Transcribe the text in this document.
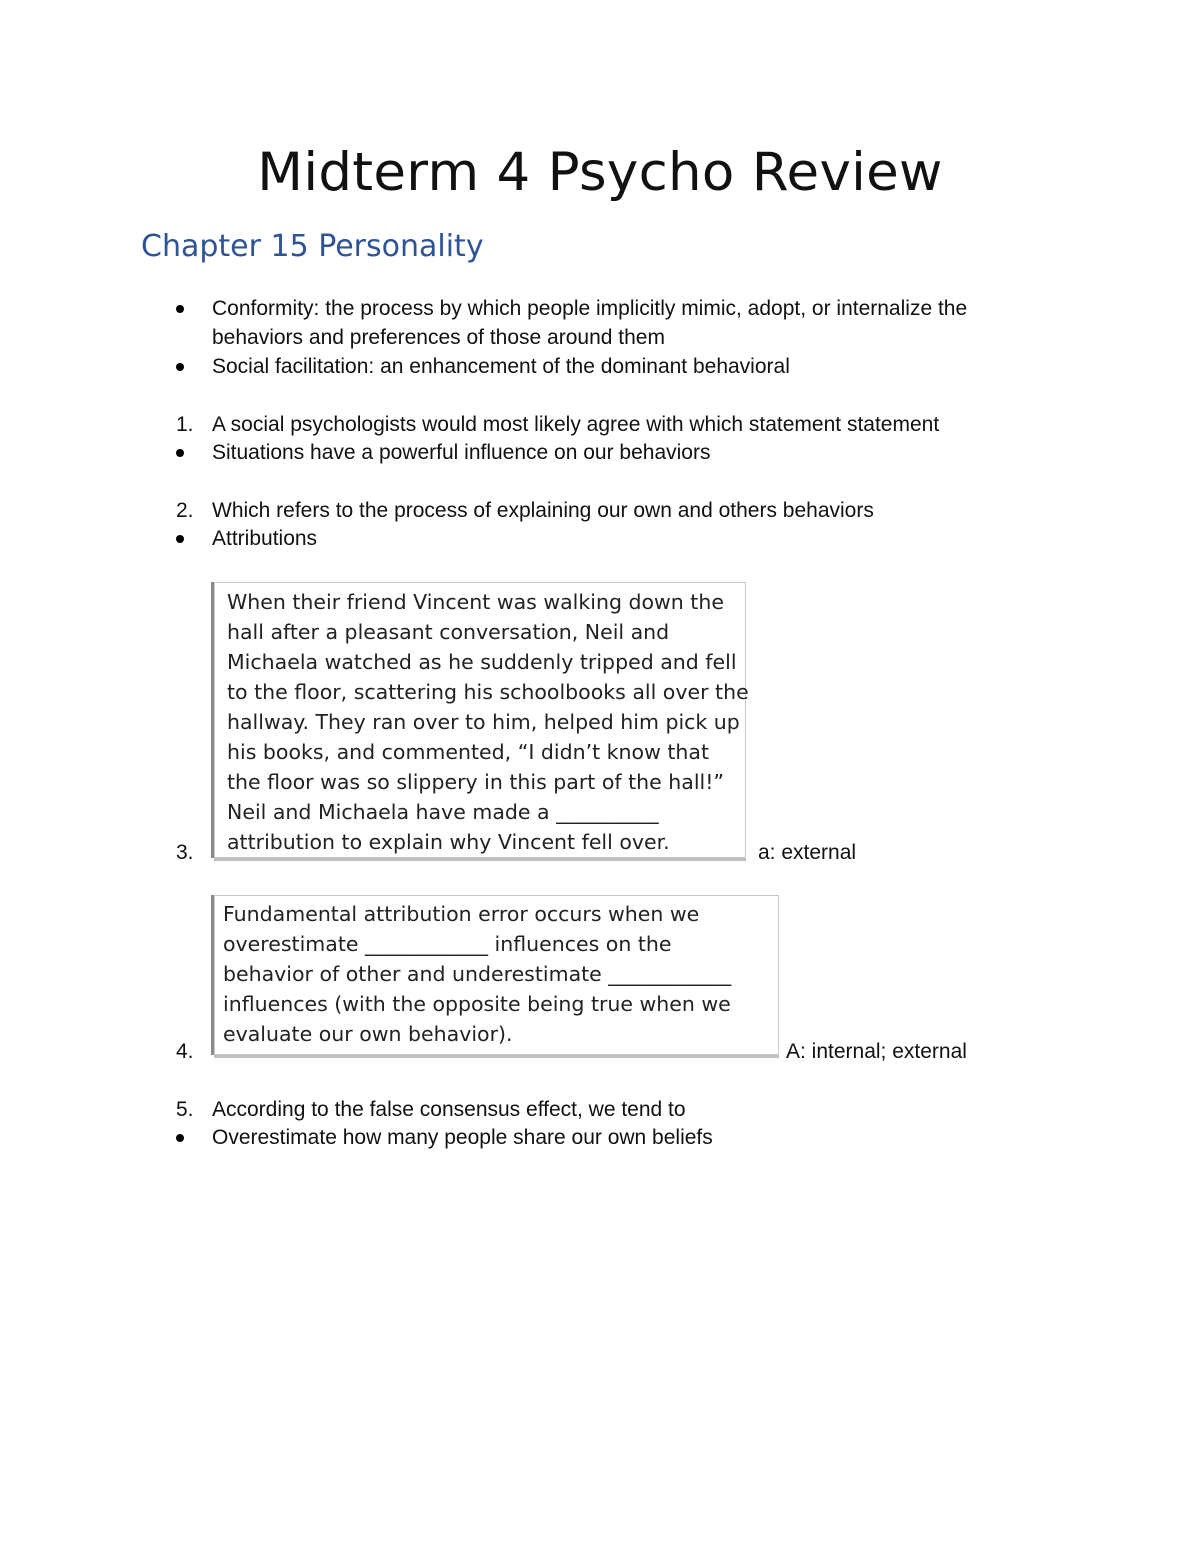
Midterm 4 Psycho Review
Chapter 15 Personality
Conformity: the process by which people implicitly mimic, adopt, or internalize the
behaviors and preferences of those around them
Social facilitation: an enhancement of the dominant behavioral
1. A social psychologists would most likely agree with which statement statement
Situations have a powerful influence on our behaviors
2. Which refers to the process of explaining our own and others behaviors
Attributions
3.
When their friend Vincent was walking down the
hall after a pleasant conversation, Neil and
Michaela watched as he suddenly tripped and fell
to the floor, scattering his schoolbooks all over the
hallway. They ran over to him, helped him pick up
his books, and commented, “I didn’t know that
the floor was so slippery in this part of the hall!”
Neil and Michaela have made a __________
attribution to explain why Vincent fell over.	a: external
4.
Fundamental attribution error occurs when we
overestimate ____________ influences on the
behavior of other and underestimate ____________
influences (with the opposite being true when we
evaluate our own behavior).
A: internal; external
5. According to the false consensus effect, we tend to
Overestimate how many people share our own beliefs
